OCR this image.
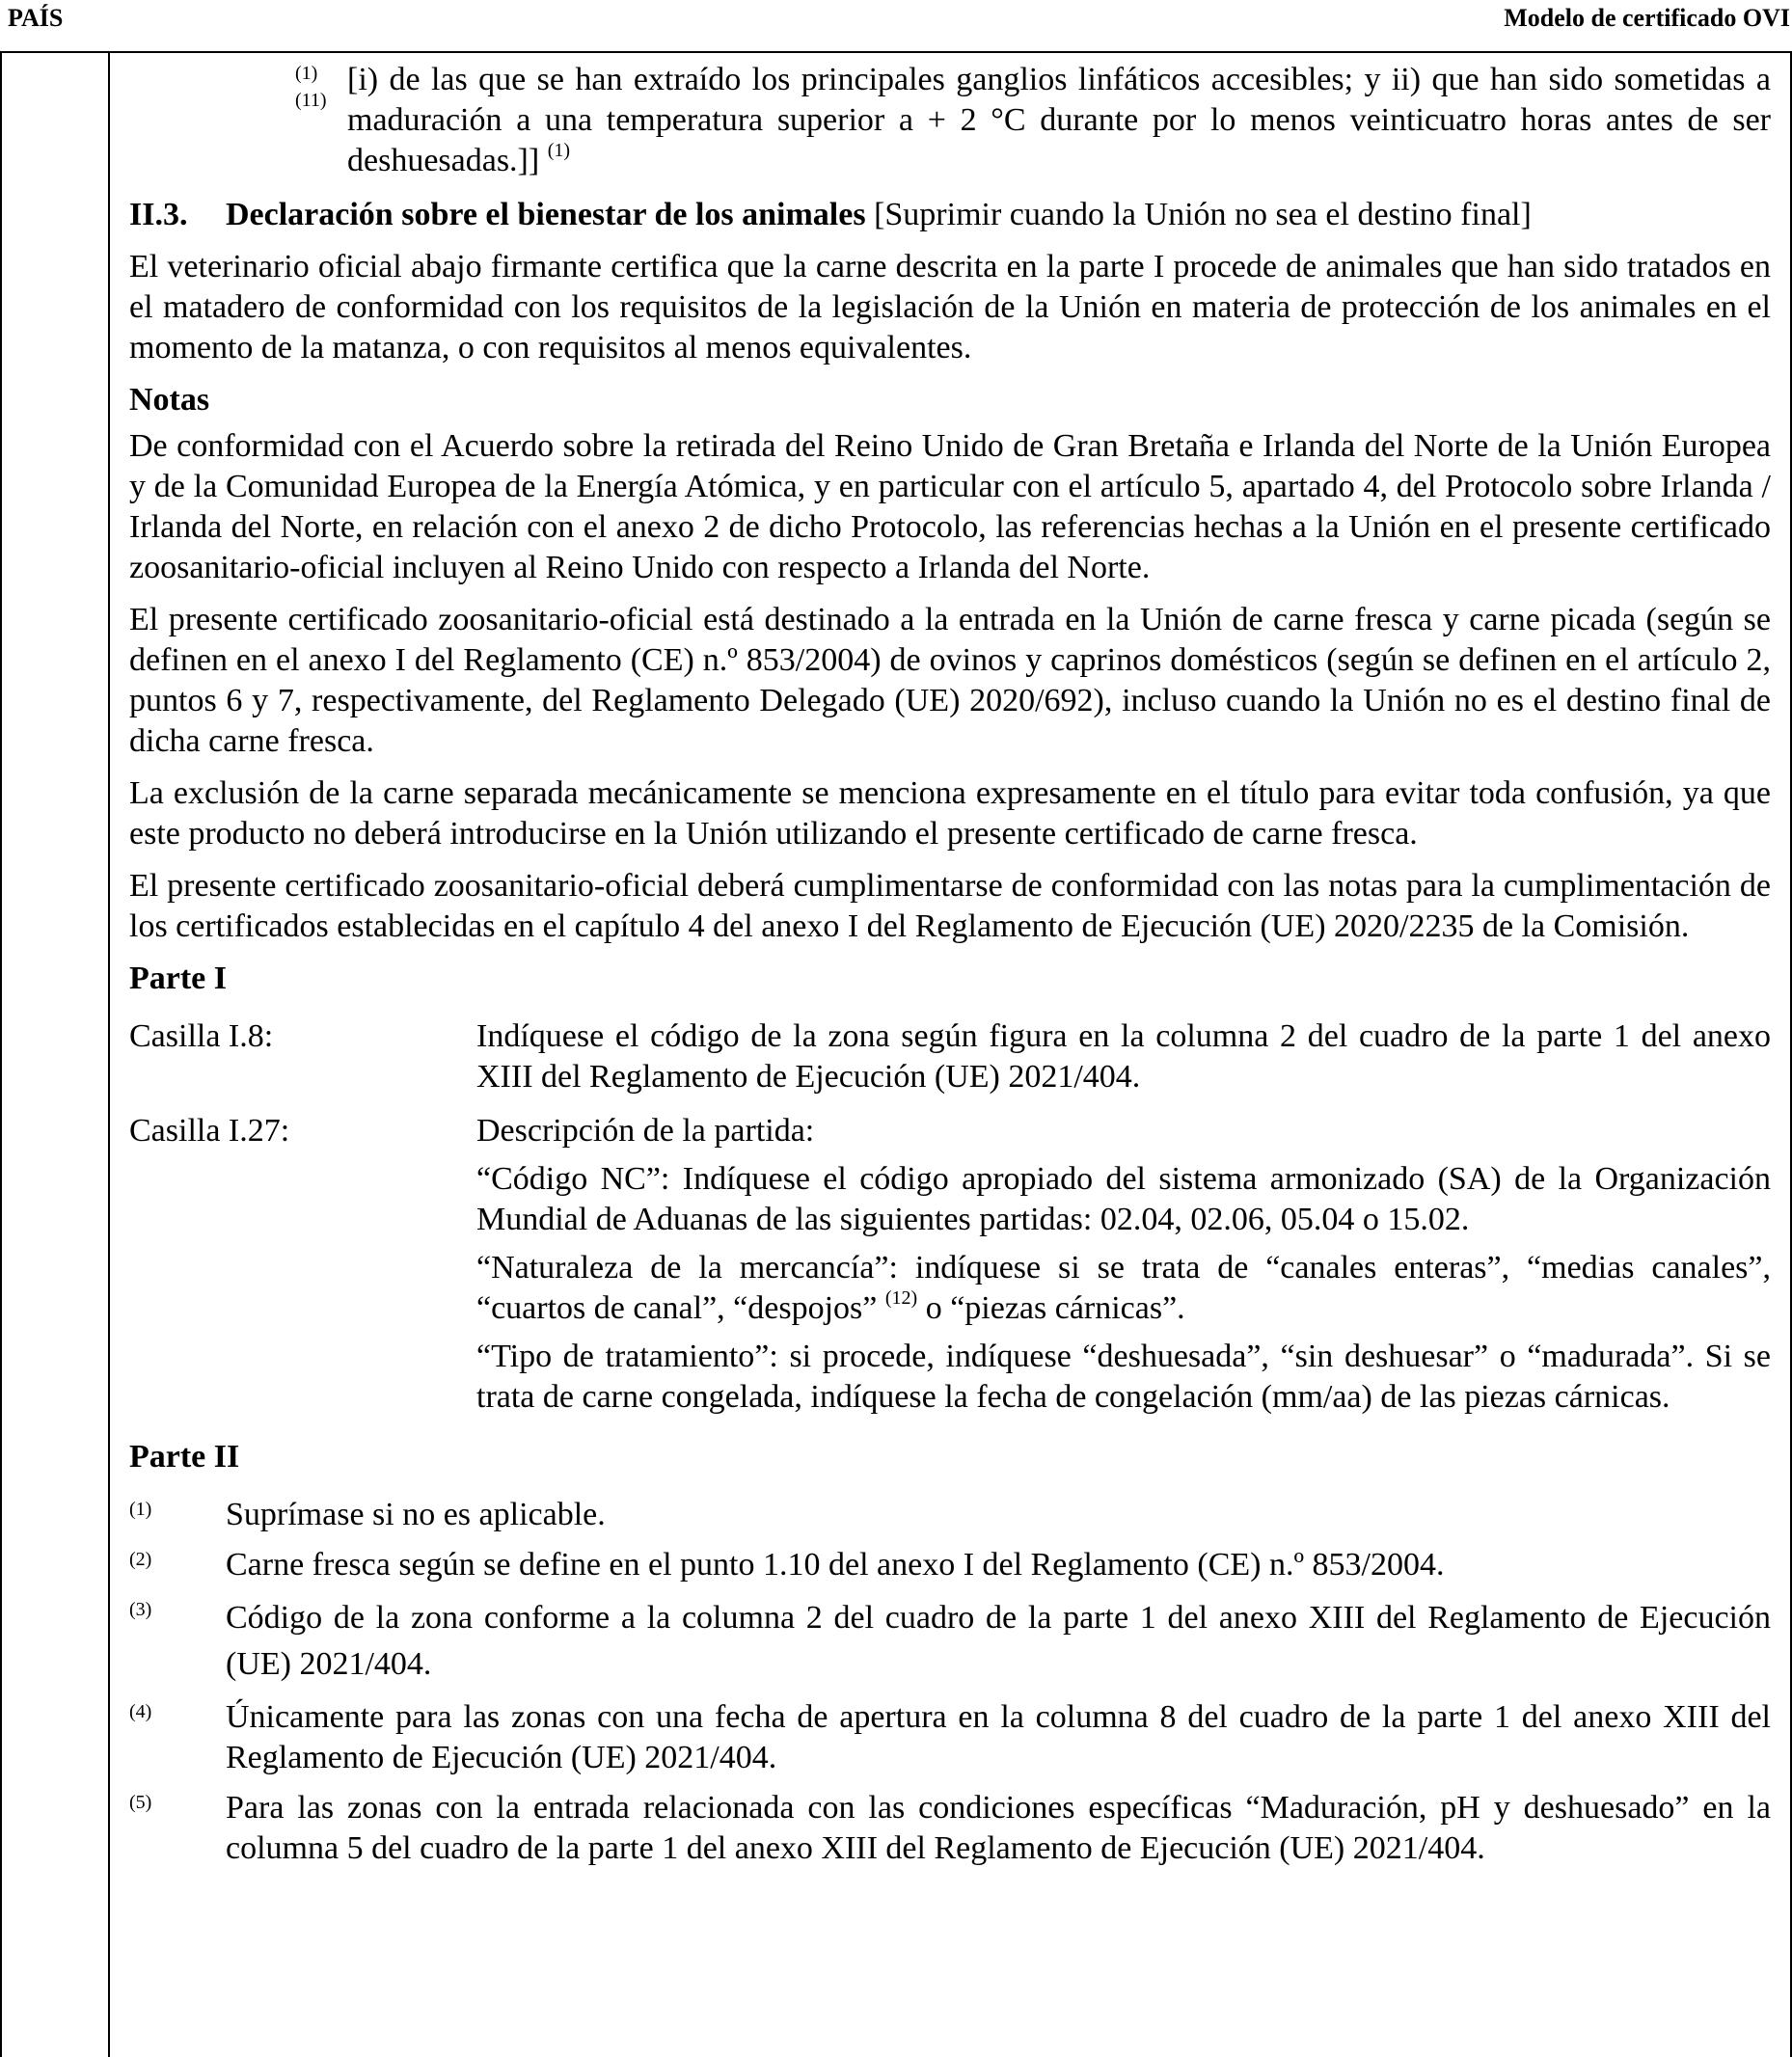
PAÍS	Modelo de certificado OVI
(1) (11)
[i) de las que se han extraído los principales ganglios linfáticos accesibles; y ii) que han sido sometidas a maduración a una temperatura superior a + 2 °C durante por lo menos veinticuatro horas antes de ser deshuesadas.]] $^{(1)}$
II.3.	Declaración sobre el bienestar de los animales [Suprimir cuando la Unión no sea el destino final]

El veterinario oficial abajo firmante certifica que la carne descrita en la parte I procede de animales que han sido tratados en el matadero de conformidad con los requisitos de la legislación de la Unión en materia de protección de los animales en el momento de la matanza, o con requisitos al menos equivalentes.

Notas

De conformidad con el Acuerdo sobre la retirada del Reino Unido de Gran Bretaña e Irlanda del Norte de la Unión Europea y de la Comunidad Europea de la Energía Atómica, y en particular con el artículo 5, apartado 4, del Protocolo sobre Irlanda / Irlanda del Norte, en relación con el anexo 2 de dicho Protocolo, las referencias hechas a la Unión en el presente certificado zoosanitario-oficial incluyen al Reino Unido con respecto a Irlanda del Norte.

El presente certificado zoosanitario-oficial está destinado a la entrada en la Unión de carne fresca y carne picada (según se definen en el anexo I del Reglamento (CE) n.º 853/2004) de ovinos y caprinos domésticos (según se definen en el artículo 2, puntos 6 y 7, respectivamente, del Reglamento Delegado (UE) 2020/692), incluso cuando la Unión no es el destino final de dicha carne fresca.

La exclusión de la carne separada mecánicamente se menciona expresamente en el título para evitar toda confusión, ya que este producto no deberá introducirse en la Unión utilizando el presente certificado de carne fresca.

El presente certificado zoosanitario-oficial deberá cumplimentarse de conformidad con las notas para la cumplimentación de los certificados establecidas en el capítulo 4 del anexo I del Reglamento de Ejecución (UE) 2020/2235 de la Comisión.

Parte I

Casilla I.8:	Indíquese el código de la zona según figura en la columna 2 del cuadro de la parte 1 del anexo XIII del Reglamento de Ejecución (UE) 2021/404.

Casilla I.27:	Descripción de la partida:

“Código NC”: Indíquese el código apropiado del sistema armonizado (SA) de la Organización Mundial de Aduanas de las siguientes partidas: 02.04, 02.06, 05.04 o 15.02.

“Naturaleza de la mercancía”: indíquese si se trata de “canales enteras”, “medias canales”, “cuartos de canal”, “despojos” $^{(12)}$ o “piezas cárnicas”.

“Tipo de tratamiento”: si procede, indíquese “deshuesada”, “sin deshuesar” o “madurada”. Si se trata de carne congelada, indíquese la fecha de congelación (mm/aa) de las piezas cárnicas.

Parte II

(1)	Suprímase si no es aplicable.
(2)	Carne fresca según se define en el punto 1.10 del anexo I del Reglamento (CE) n.º 853/2004.
(3)	Código de la zona conforme a la columna 2 del cuadro de la parte 1 del anexo XIII del Reglamento de Ejecución (UE) 2021/404.
(4)	Únicamente para las zonas con una fecha de apertura en la columna 8 del cuadro de la parte 1 del anexo XIII del Reglamento de Ejecución (UE) 2021/404.
(5)	Para las zonas con la entrada relacionada con las condiciones específicas “Maduración, pH y deshuesado” en la columna 5 del cuadro de la parte 1 del anexo XIII del Reglamento de Ejecución (UE) 2021/404.
